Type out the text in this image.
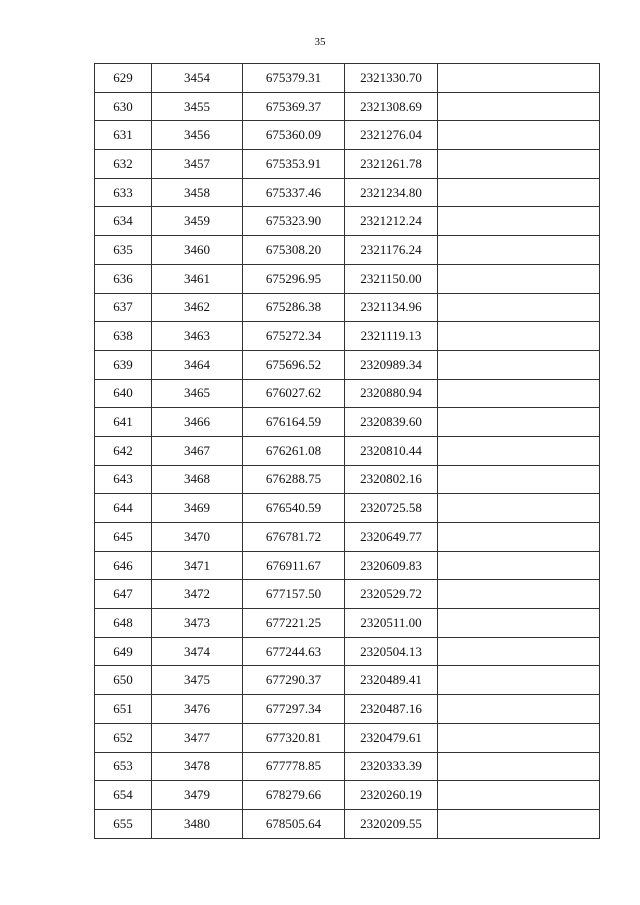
35
629	3454	675379.31	2321330.70	
630	3455	675369.37	2321308.69	
631	3456	675360.09	2321276.04	
632	3457	675353.91	2321261.78	
633	3458	675337.46	2321234.80	
634	3459	675323.90	2321212.24	
635	3460	675308.20	2321176.24	
636	3461	675296.95	2321150.00	
637	3462	675286.38	2321134.96	
638	3463	675272.34	2321119.13	
639	3464	675696.52	2320989.34	
640	3465	676027.62	2320880.94	
641	3466	676164.59	2320839.60	
642	3467	676261.08	2320810.44	
643	3468	676288.75	2320802.16	
644	3469	676540.59	2320725.58	
645	3470	676781.72	2320649.77	
646	3471	676911.67	2320609.83	
647	3472	677157.50	2320529.72	
648	3473	677221.25	2320511.00	
649	3474	677244.63	2320504.13	
650	3475	677290.37	2320489.41	
651	3476	677297.34	2320487.16	
652	3477	677320.81	2320479.61	
653	3478	677778.85	2320333.39	
654	3479	678279.66	2320260.19	
655	3480	678505.64	2320209.55	
